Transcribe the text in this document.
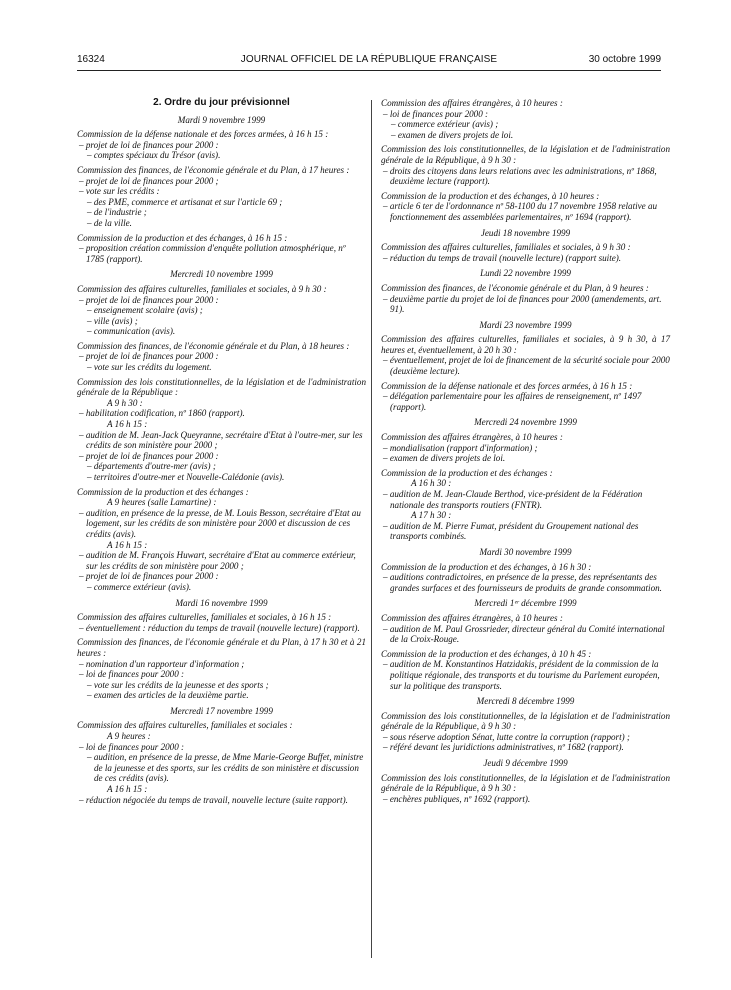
16324	JOURNAL OFFICIEL DE LA RÉPUBLIQUE FRANÇAISE	30 octobre 1999
2. Ordre du jour prévisionnel
Mardi 9 novembre 1999
Commission de la défense nationale et des forces armées, à 16 h 15 :
– projet de loi de finances pour 2000 :
– comptes spéciaux du Trésor (avis).
Commission des finances, de l'économie générale et du Plan, à 17 heures :
– projet de loi de finances pour 2000 ;
– vote sur les crédits :
– des PME, commerce et artisanat et sur l'article 69 ;
– de l'industrie ;
– de la ville.
Commission de la production et des échanges, à 16 h 15 :
– proposition création commission d'enquête pollution atmosphérique, nº 1785 (rapport).
Mercredi 10 novembre 1999
Commission des affaires culturelles, familiales et sociales, à 9 h 30 :
– projet de loi de finances pour 2000 :
– enseignement scolaire (avis) ;
– ville (avis) ;
– communication (avis).
Commission des finances, de l'économie générale et du Plan, à 18 heures :
– projet de loi de finances pour 2000 :
– vote sur les crédits du logement.
Commission des lois constitutionnelles, de la législation et de l'administration générale de la République :
A 9 h 30 :
– habilitation codification, nº 1860 (rapport).
A 16 h 15 :
– audition de M. Jean-Jack Queyranne, secrétaire d'Etat à l'outre-mer, sur les crédits de son ministère pour 2000 ;
– projet de loi de finances pour 2000 :
– départements d'outre-mer (avis) ;
– territoires d'outre-mer et Nouvelle-Calédonie (avis).
Commission de la production et des échanges :
A 9 heures (salle Lamartine) :
– audition, en présence de la presse, de M. Louis Besson, secrétaire d'Etat au logement, sur les crédits de son ministère pour 2000 et discussion de ces crédits (avis).
A 16 h 15 :
– audition de M. François Huwart, secrétaire d'Etat au commerce extérieur, sur les crédits de son ministère pour 2000 ;
– projet de loi de finances pour 2000 :
– commerce extérieur (avis).
Mardi 16 novembre 1999
Commission des affaires culturelles, familiales et sociales, à 16 h 15 :
– éventuellement : réduction du temps de travail (nouvelle lecture) (rapport).
Commission des finances, de l'économie générale et du Plan, à 17 h 30 et à 21 heures :
– nomination d'un rapporteur d'information ;
– loi de finances pour 2000 :
– vote sur les crédits de la jeunesse et des sports ;
– examen des articles de la deuxième partie.
Mercredi 17 novembre 1999
Commission des affaires culturelles, familiales et sociales :
A 9 heures :
– loi de finances pour 2000 :
– audition, en présence de la presse, de Mme Marie-George Buffet, ministre de la jeunesse et des sports, sur les crédits de son ministère et discussion de ces crédits (avis).
A 16 h 15 :
– réduction négociée du temps de travail, nouvelle lecture (suite rapport).
Commission des affaires étrangères, à 10 heures :
– loi de finances pour 2000 :
– commerce extérieur (avis) ;
– examen de divers projets de loi.
Commission des lois constitutionnelles, de la législation et de l'administration générale de la République, à 9 h 30 :
– droits des citoyens dans leurs relations avec les administrations, nº 1868, deuxième lecture (rapport).
Commission de la production et des échanges, à 10 heures :
– article 6 ter de l'ordonnance nº 58-1100 du 17 novembre 1958 relative au fonctionnement des assemblées parlementaires, nº 1694 (rapport).
Jeudi 18 novembre 1999
Commission des affaires culturelles, familiales et sociales, à 9 h 30 :
– réduction du temps de travail (nouvelle lecture) (rapport suite).
Lundi 22 novembre 1999
Commission des finances, de l'économie générale et du Plan, à 9 heures :
– deuxième partie du projet de loi de finances pour 2000 (amendements, art. 91).
Mardi 23 novembre 1999
Commission des affaires culturelles, familiales et sociales, à 9 h 30, à 17 heures et, éventuellement, à 20 h 30 :
– éventuellement, projet de loi de financement de la sécurité sociale pour 2000 (deuxième lecture).
Commission de la défense nationale et des forces armées, à 16 h 15 :
– délégation parlementaire pour les affaires de renseignement, nº 1497 (rapport).
Mercredi 24 novembre 1999
Commission des affaires étrangères, à 10 heures :
– mondialisation (rapport d'information) ;
– examen de divers projets de loi.
Commission de la production et des échanges :
A 16 h 30 :
– audition de M. Jean-Claude Berthod, vice-président de la Fédération nationale des transports routiers (FNTR).
A 17 h 30 :
– audition de M. Pierre Fumat, président du Groupement national des transports combinés.
Mardi 30 novembre 1999
Commission de la production et des échanges, à 16 h 30 :
– auditions contradictoires, en présence de la presse, des représentants des grandes surfaces et des fournisseurs de produits de grande consommation.
Mercredi 1ᵉʳ décembre 1999
Commission des affaires étrangères, à 10 heures :
– audition de M. Paul Grossrieder, directeur général du Comité international de la Croix-Rouge.
Commission de la production et des échanges, à 10 h 45 :
– audition de M. Konstantinos Hatzidakis, président de la commission de la politique régionale, des transports et du tourisme du Parlement européen, sur la politique des transports.
Mercredi 8 décembre 1999
Commission des lois constitutionnelles, de la législation et de l'administration générale de la République, à 9 h 30 :
– sous réserve adoption Sénat, lutte contre la corruption (rapport) ;
– référé devant les juridictions administratives, nº 1682 (rapport).
Jeudi 9 décembre 1999
Commission des lois constitutionnelles, de la législation et de l'administration générale de la République, à 9 h 30 :
– enchères publiques, nº 1692 (rapport).
